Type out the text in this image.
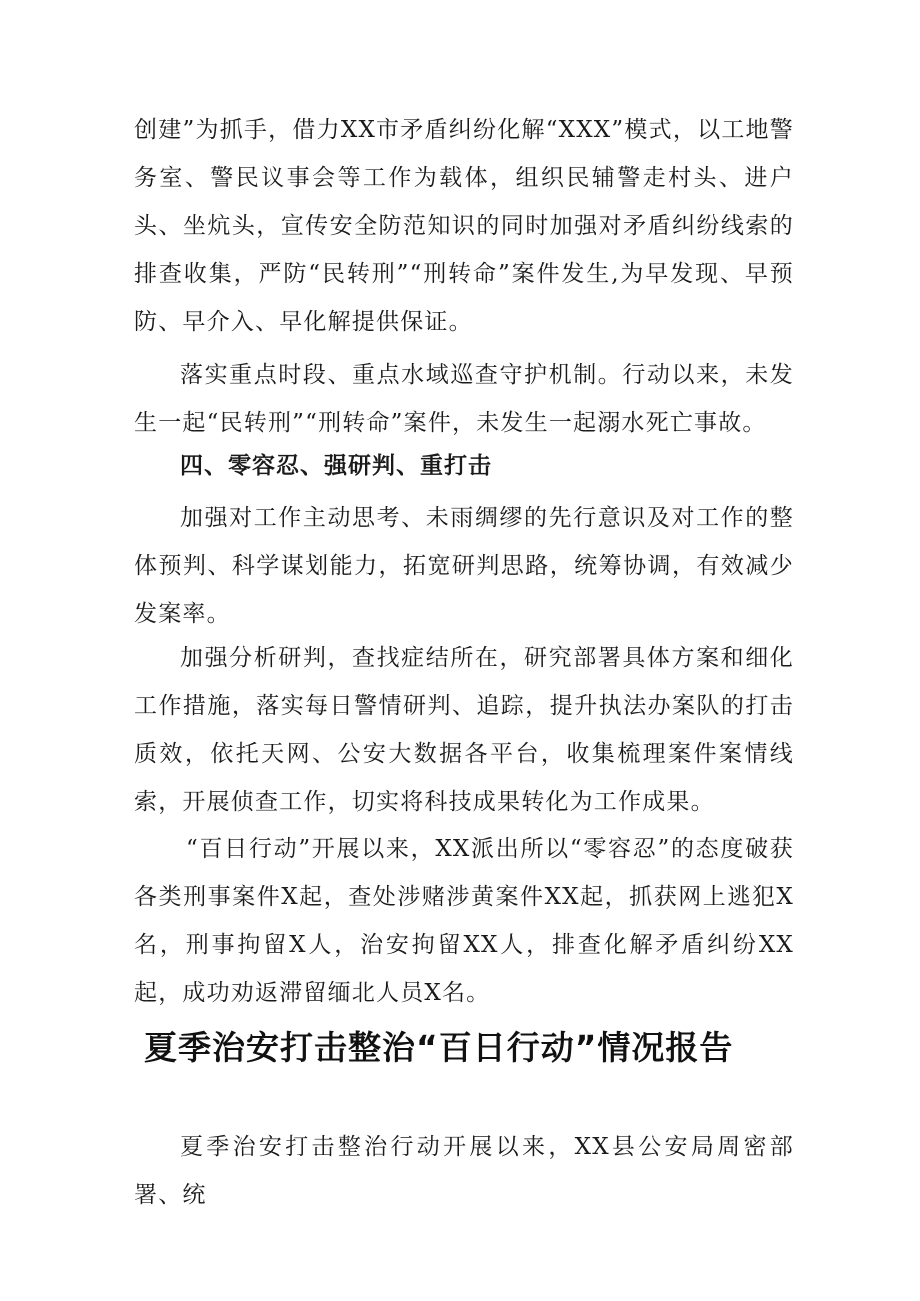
创建”为抓手，借力XX市矛盾纠纷化解“XXX”模式，以工地警务室、警民议事会等工作为载体，组织民辅警走村头、进户头、坐炕头，宣传安全防范知识的同时加强对矛盾纠纷线索的排查收集，严防“民转刑”“刑转命”案件发生,为早发现、早预防、早介入、早化解提供保证。

落实重点时段、重点水域巡查守护机制。行动以来，未发生一起“民转刑”“刑转命”案件，未发生一起溺水死亡事故。

四、零容忍、强研判、重打击

加强对工作主动思考、未雨绸缪的先行意识及对工作的整体预判、科学谋划能力，拓宽研判思路，统筹协调，有效减少发案率。

加强分析研判，查找症结所在，研究部署具体方案和细化工作措施，落实每日警情研判、追踪，提升执法办案队的打击质效，依托天网、公安大数据各平台，收集梳理案件案情线索，开展侦查工作，切实将科技成果转化为工作成果。

“百日行动”开展以来，XX派出所以“零容忍”的态度破获各类刑事案件X起，查处涉赌涉黄案件XX起，抓获网上逃犯X名，刑事拘留X人，治安拘留XX人，排查化解矛盾纠纷XX起，成功劝返滞留缅北人员X名。

夏季治安打击整治“百日行动”情况报告

夏季治安打击整治行动开展以来，XX县公安局周密部署、统
